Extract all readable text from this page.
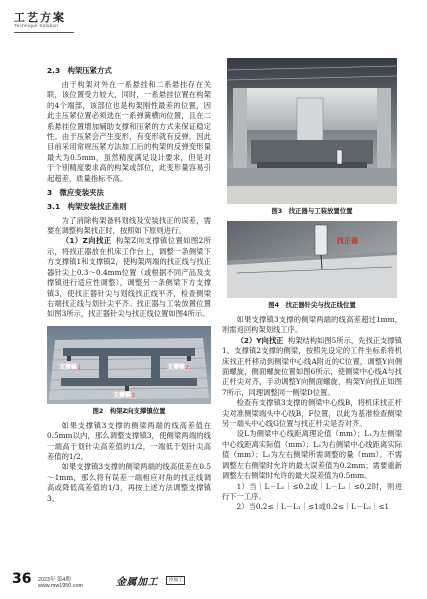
工艺方案
Technique Solution
2.3　构架压紧方式

由于构架对外在一系悬挂和二系悬挂存在关联，该位置受力较大，同时，一系悬挂位置在构架的4个端部，该部位也是构架刚性最差的位置，因此主压紧位置必须选在一系弹簧横向位置，且在二系悬挂位置增加辅助支撑和压紧的方式来保证稳定性。由于压紧会产生变形，有变形就有反弹，因此目前采用常规压紧方法加工后的构架的反弹变形量最大为0.5mm，虽然精度满足设计要求，但是对于个别精度要求高的构架或部位，此变形量容易引起超差，质量指标不高。

3　微应变装夹法
3.1　构架安装找正准则

为了消除构架备料划线及安装找正的误差，需要在调整构架找正时，按照如下原则进行。

（1）Z向找正 构架Z向支撑镇位置如图2所示，将找正器放在机床工作台上，调整一条侧梁下方支撑镇1和支撑镇2，使构架两端的找正线与找正器针尖上0.3～0.4mm位置（或根据不同产品及支撑镇进行适应性调整），调整另一条侧梁下方支撑镇3，使找正器针尖与划线找正线平齐，检查侧梁右端找正线与划针尖平齐。找正器与工装放置位置如图3所示，找正器针尖与找正线位置如图4所示。

支撑镇1	支撑镇2
支撑镇3
图2　构架Z向支撑镇位置

如果支撑镇3支撑的侧梁两端的线高差值在0.5mm以内，那么调整支撑镇3，使侧梁两端的线一端高于划针尖高差值的1/2，一端低于划针尖高差值的1/2。

如果支撑镇3支撑的侧梁两端的线高低差在0.5～1mm，那么将有误差一端相应对角的找正线调高或降低高差值的1/3，再按上述方法调整支撑镇3。

图3　找正器与工装放置位置
找正器
图4　找正器针尖与找正线位置

如果支撑镇3支撑的侧梁两端的线高差超过1mm，则需返回构架划线工序。

（2）Y向找正 构架结构如图5所示，先找正支撑镇1、支撑镇2支撑的侧梁，按照先设定的工件坐标系将机床找正杆移动到侧梁中心线A附近的C位置，调整Y向侧面螺旋，侧面螺旋位置如图6所示，使侧梁中心线A与找正杆尖对齐，手动调整Y向侧面螺旋，构架Y向找正如图7所示，同理调整同一侧梁D位置。

检查有支撑镇3支撑的侧梁中心线B，将机床找正杆尖对准侧梁端头中心线B，F位置，以此为基准检查侧梁另一端头中心线G位置与找正杆尖是否对齐。

设L为侧梁中心线距离理论值（mm）；L₁为左侧梁中心线距离实际值（mm）；L₂为右侧梁中心线距离实际值（mm）；L₃为左右侧梁所需调整的量（mm）。不需调整左右侧梁时允许的最大误差值为0.2mm；需要重新调整左右侧梁时允许的最大误差值为0.5mm。

1）当｜L－L₁｜≤0.2或｜L－L₂｜≤0.2时，则进行下一工序。

2）当0.2≤｜L－L₁｜≤1或0.2≤｜L－L₂｜≤1

36 2023年 第4期
www.mw1950.com	金属加工	冷加工
